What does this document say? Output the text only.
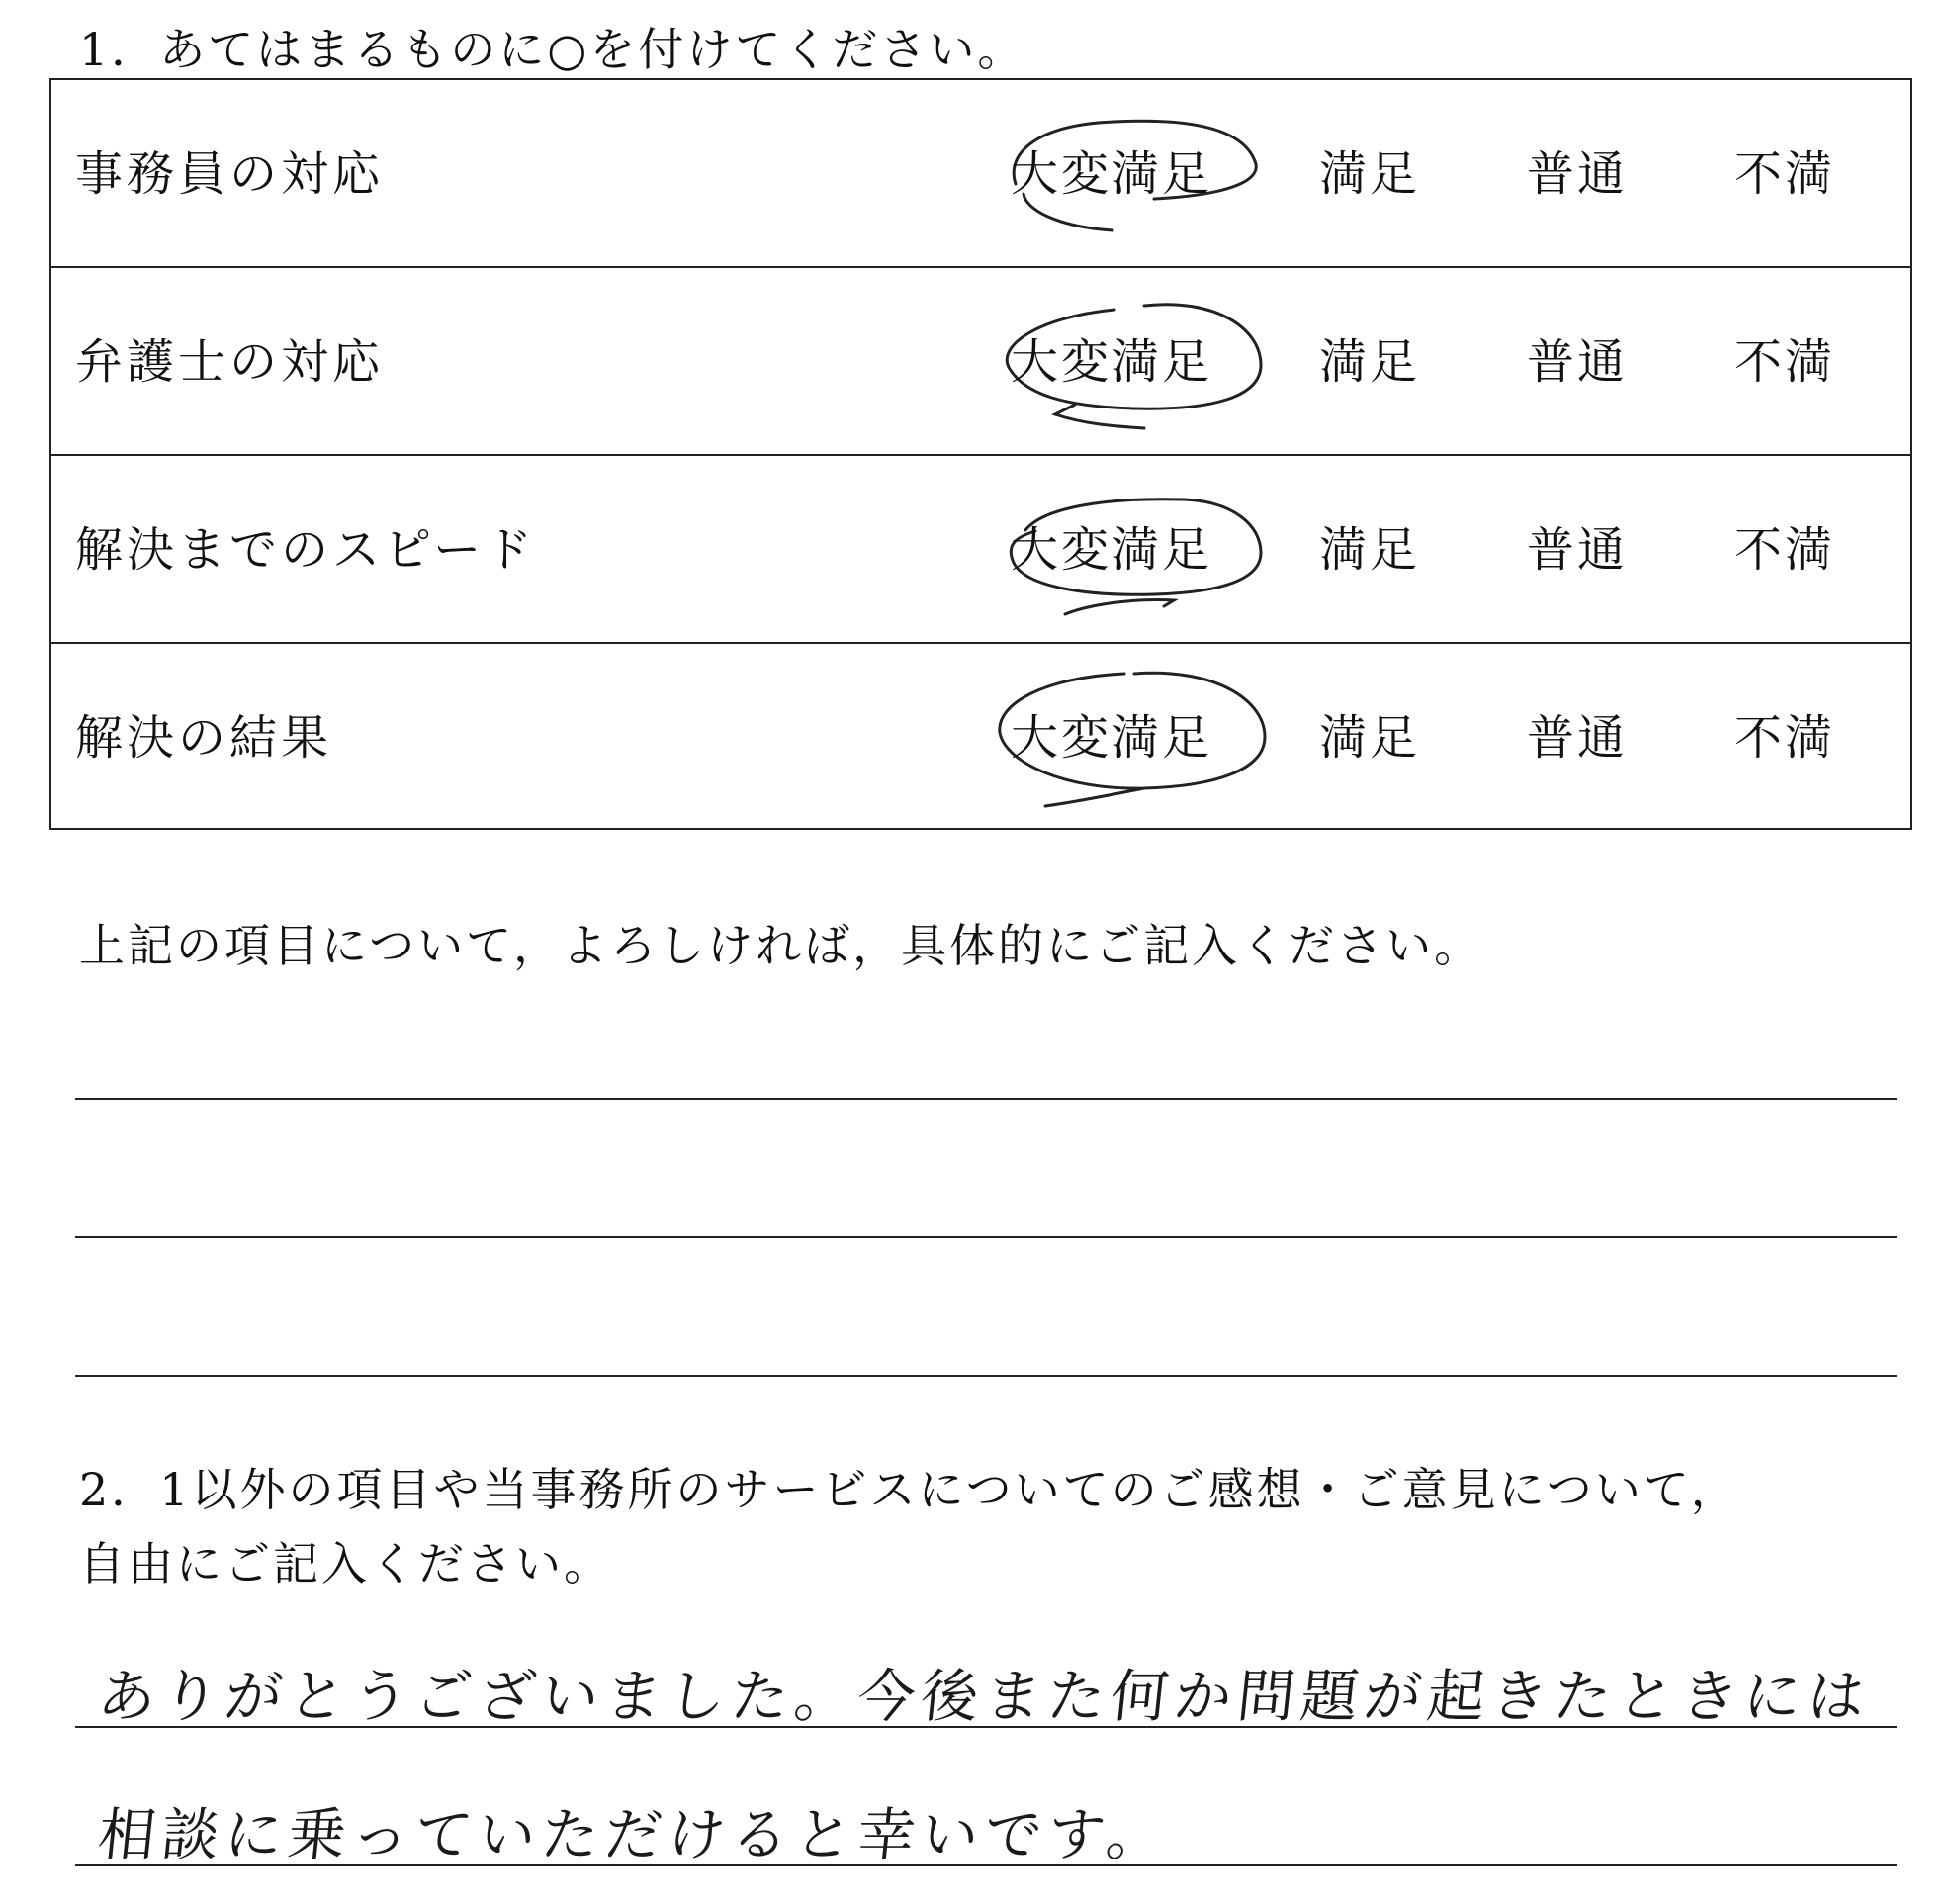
1．あてはまるものに○を付けてください。
事務員の対応	大変満足 満足 普通 不満
弁護士の対応	大変満足 満足 普通 不満
解決までのスピード	大変満足 満足 普通 不満
解決の結果	大変満足 満足 普通 不満
上記の項目について，よろしければ，具体的にご記入ください。
2．1以外の項目や当事務所のサービスについてのご感想・ご意見について，
自由にご記入ください。
ありがとうございました。今後また何か問題が起きたときには
相談に乗っていただけると幸いです。
